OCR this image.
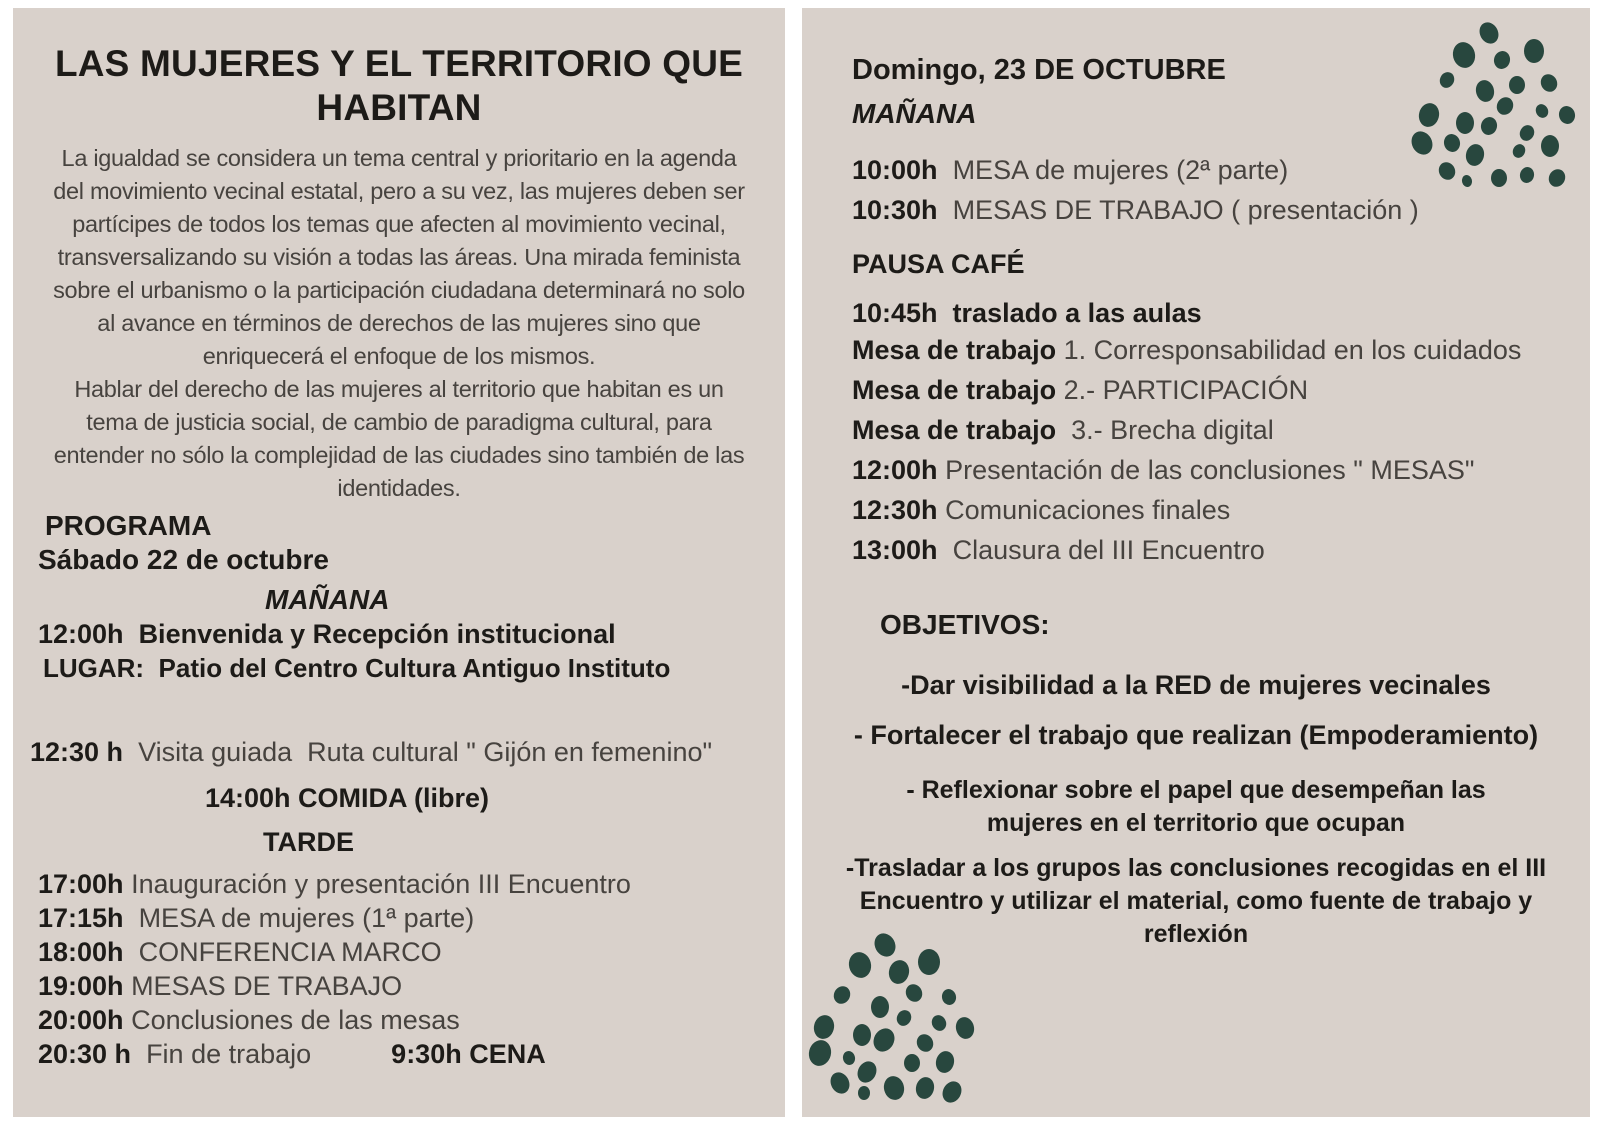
LAS MUJERES Y EL TERRITORIO QUE HABITAN
La igualdad se considera un tema central y prioritario en la agenda
del movimiento vecinal estatal, pero a su vez, las mujeres deben ser
partícipes de todos los temas que afecten al movimiento vecinal,
transversalizando su visión a todas las áreas. Una mirada feminista
sobre el urbanismo o la participación ciudadana determinará no solo
al avance en términos de derechos de las mujeres sino que
enriquecerá el enfoque de los mismos.
Hablar del derecho de las mujeres al territorio que habitan es un
tema de justicia social, de cambio de paradigma cultural, para
entender no sólo la complejidad de las ciudades sino también de las
identidades.
PROGRAMA
Sábado 22 de octubre
MAÑANA
12:00h  Bienvenida y Recepción institucional
LUGAR:  Patio del Centro Cultura Antiguo Instituto
12:30 h  Visita guiada  Ruta cultural " Gijón en femenino"
14:00h COMIDA (libre)
TARDE
17:00h Inauguración y presentación III Encuentro
17:15h  MESA de mujeres (1ª parte)
18:00h  CONFERENCIA MARCO
19:00h MESAS DE TRABAJO
20:00h Conclusiones de las mesas
20:30 h  Fin de trabajo	9:30h CENA
Domingo, 23 DE OCTUBRE
MAÑANA
10:00h  MESA de mujeres (2ª parte)
10:30h  MESAS DE TRABAJO ( presentación )
PAUSA CAFÉ
10:45h  traslado a las aulas
Mesa de trabajo 1. Corresponsabilidad en los cuidados
Mesa de trabajo 2.- PARTICIPACIÓN
Mesa de trabajo  3.- Brecha digital
12:00h Presentación de las conclusiones " MESAS"
12:30h Comunicaciones finales
13:00h  Clausura del III Encuentro
OBJETIVOS:
-Dar visibilidad a la RED de mujeres vecinales
- Fortalecer el trabajo que realizan (Empoderamiento)
- Reflexionar sobre el papel que desempeñan las mujeres en el territorio que ocupan
-Trasladar a los grupos las conclusiones recogidas en el III Encuentro y utilizar el material, como fuente de trabajo y reflexión
